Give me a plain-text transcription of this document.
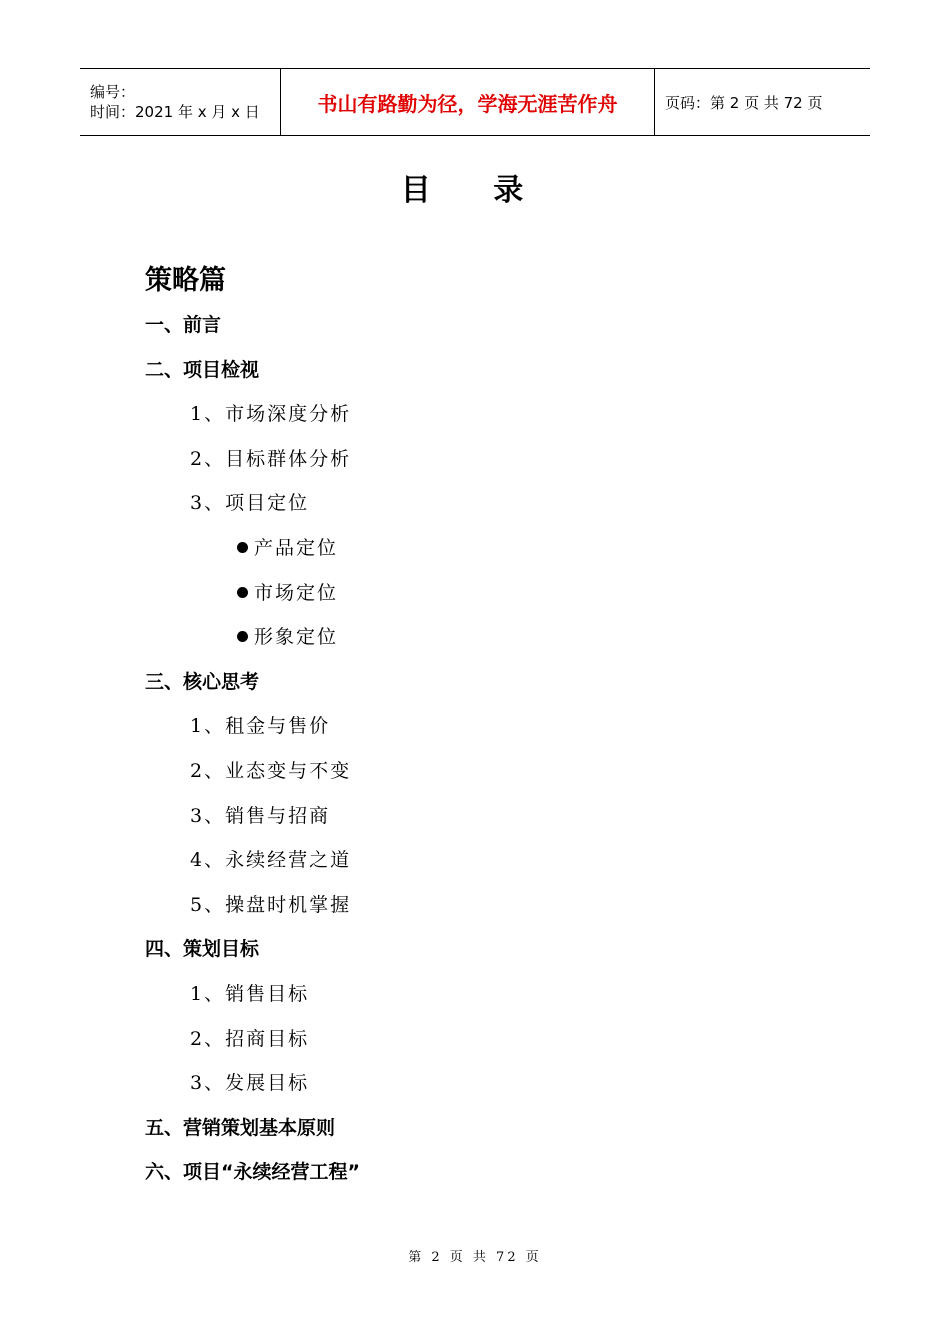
编号：
时间：2021 年 x 月 x 日	书山有路勤为径，学海无涯苦作舟	页码：第 2 页 共 72 页
目 录
策略篇
一、前言
二、项目检视
1、市场深度分析
2、目标群体分析
3、项目定位
产品定位
市场定位
形象定位
三、核心思考
1、租金与售价
2、业态变与不变
3、销售与招商
4、永续经营之道
5、操盘时机掌握
四、策划目标
1、销售目标
2、招商目标
3、发展目标
五、营销策划基本原则
六、项目“永续经营工程”
第 2 页 共 72 页
